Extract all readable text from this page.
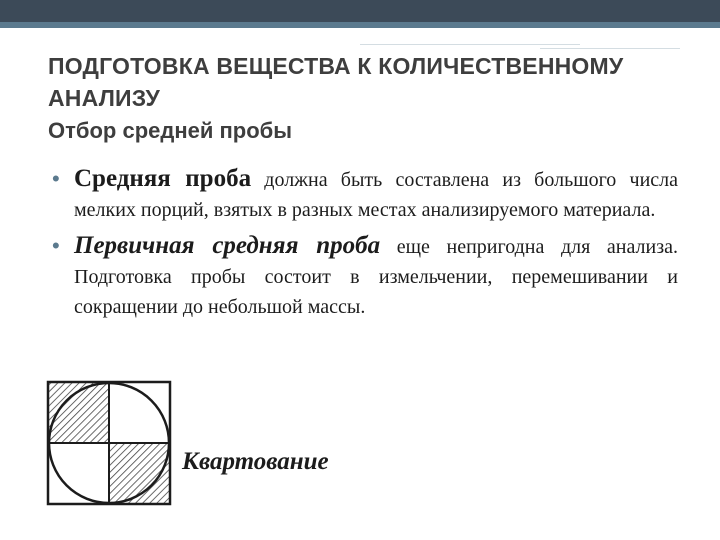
ПОДГОТОВКА ВЕЩЕСТВА К КОЛИЧЕСТВЕННОМУ АНАЛИЗУ
Отбор средней пробы
• Средняя проба должна быть составлена из большого числа мелких порций, взятых в разных местах анализируемого материала.

• Первичная средняя проба еще непригодна для анализа. Подготовка пробы состоит в измельчении, перемешивании и сокращении до небольшой массы.

Квартование
